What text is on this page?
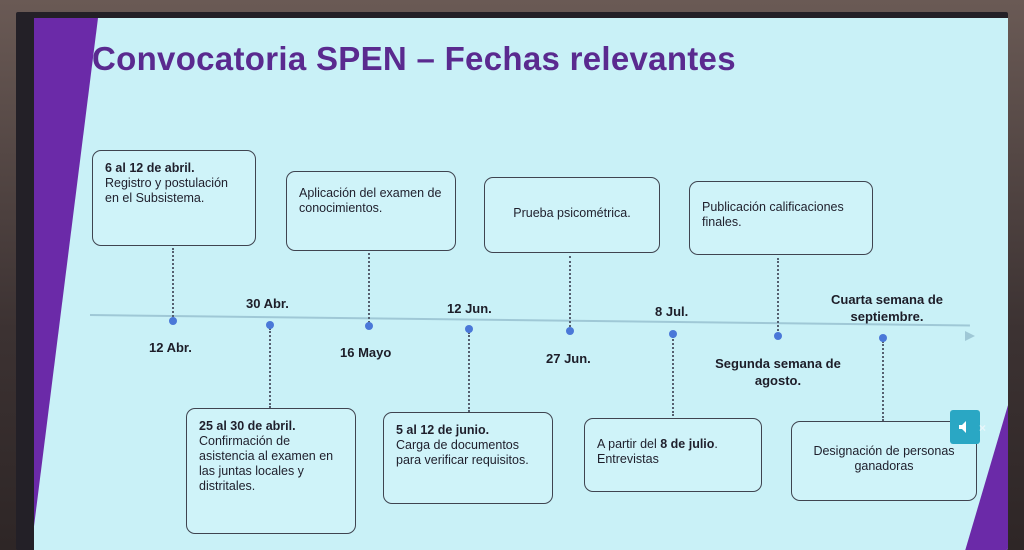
Convocatoria SPEN – Fechas relevantes
6 al 12 de abril.
Registro y postulación en el Subsistema.	Aplicación del examen de conocimientos.	Prueba psicométrica.	Publicación calificaciones finales.
12 Abr.
30 Abr.
16 Mayo
12 Jun.
27 Jun.
8 Jul.
Segunda semana de agosto.
Cuarta semana de septiembre.
25 al 30 de abril.
Confirmación de asistencia al examen en las juntas locales y distritales.
5 al 12 de junio.
Carga de documentos para verificar requisitos.
A partir del 8 de julio. Entrevistas
Designación de personas ganadoras
×
